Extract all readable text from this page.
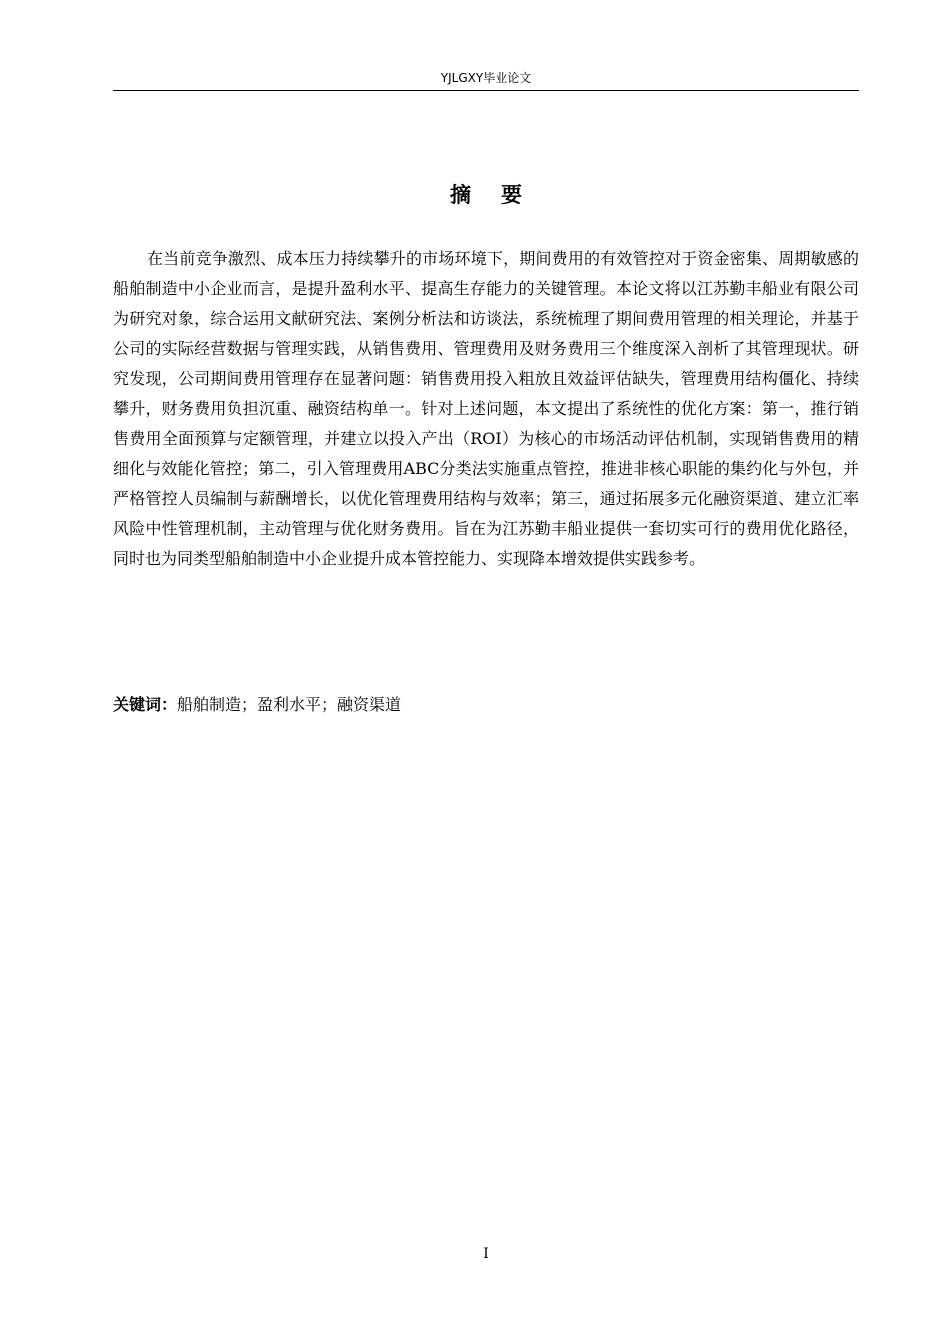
YJLGXY毕业论文
摘要

在当前竞争激烈、成本压力持续攀升的市场环境下，期间费用的有效管控对于资金密集、周期敏感的船舶制造中小企业而言，是提升盈利水平、提高生存能力的关键管理。本论文将以江苏勤丰船业有限公司为研究对象，综合运用文献研究法、案例分析法和访谈法，系统梳理了期间费用管理的相关理论，并基于公司的实际经营数据与管理实践，从销售费用、管理费用及财务费用三个维度深入剖析了其管理现状。研究发现，公司期间费用管理存在显著问题：销售费用投入粗放且效益评估缺失，管理费用结构僵化、持续攀升，财务费用负担沉重、融资结构单一。针对上述问题，本文提出了系统性的优化方案：第一，推行销售费用全面预算与定额管理，并建立以投入产出（ROI）为核心的市场活动评估机制，实现销售费用的精细化与效能化管控；第二，引入管理费用ABC分类法实施重点管控，推进非核心职能的集约化与外包，并严格管控人员编制与薪酬增长，以优化管理费用结构与效率；第三，通过拓展多元化融资渠道、建立汇率风险中性管理机制，主动管理与优化财务费用。旨在为江苏勤丰船业提供一套切实可行的费用优化路径，同时也为同类型船舶制造中小企业提升成本管控能力、实现降本增效提供实践参考。

关键词：船舶制造；盈利水平；融资渠道

I
